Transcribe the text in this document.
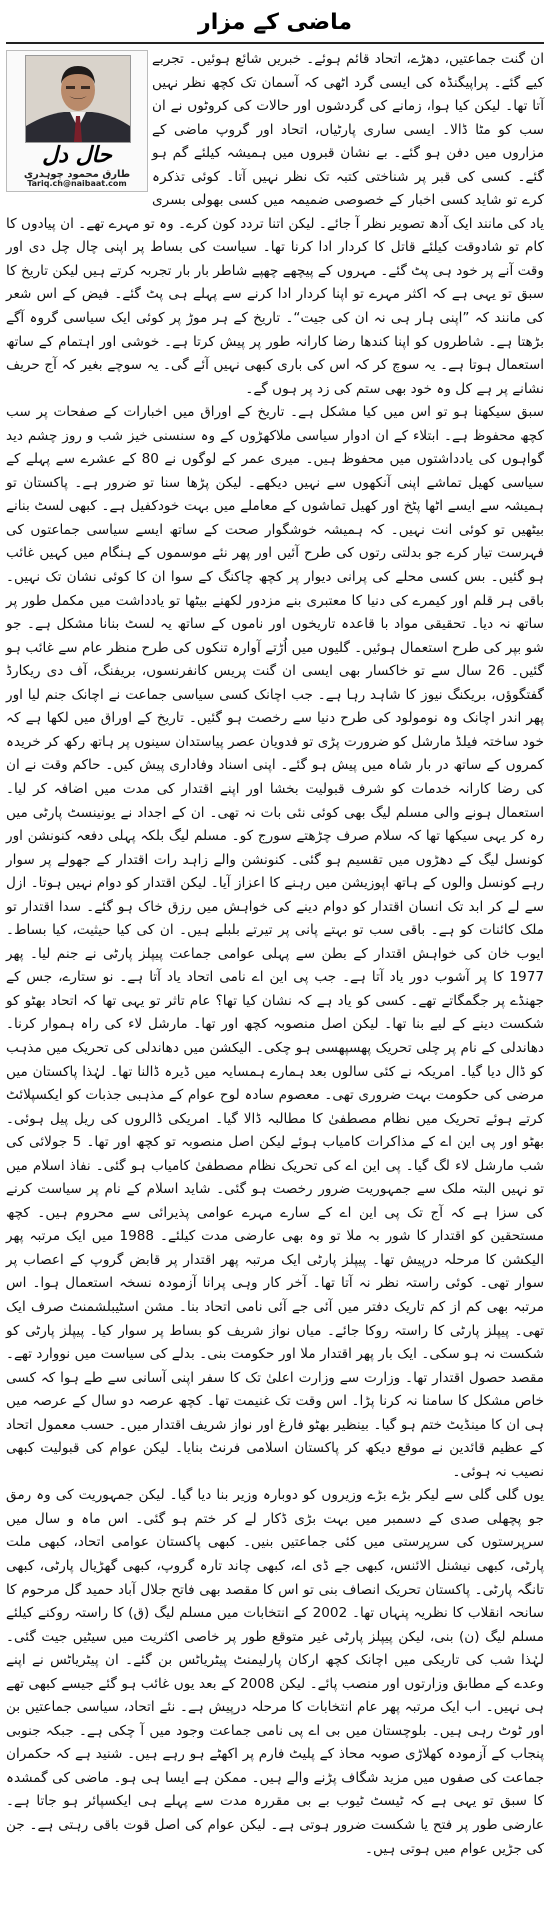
ماضی کے مزار

ان گنت جماعتیں، دھڑے، اتحاد قائم ہوئے۔ خبریں شائع ہوئیں۔ تجربے کیے گئے۔ پراپیگنڈہ کی ایسی گرد اٹھی کہ آسمان تک کچھ نظر نہیں آتا تھا۔ لیکن کیا ہوا، زمانے کی گردشوں اور حالات کی کروٹوں نے ان سب کو مٹا ڈالا۔ ایسی ساری پارٹیاں، اتحاد اور گروپ ماضی کے مزاروں میں دفن ہو گئے۔ بے نشان قبروں میں ہمیشہ کیلئے گم ہو گئے۔ کسی کی قبر پر شناختی کتبہ تک نظر نہیں آتا۔ کوئی تذکرہ کرے تو شاید کسی اخبار کے خصوصی ضمیمہ میں کسی بھولی بسری یاد کی مانند ایک آدھ تصویر نظر آ جائے۔ لیکن اتنا تردد کون کرے۔ وہ تو مہرے تھے۔ ان پیادوں کا کام تو شادوقت کیلئے قاتل کا کردار ادا کرنا تھا۔ سیاست کی بساط پر اپنی چال چل دی اور وقت آنے پر خود ہی پٹ گئے۔ مہروں کے پیچھے چھپے شاطر بار بار تجربہ کرتے ہیں لیکن تاریخ کا سبق تو یہی ہے کہ اکثر مہرے تو اپنا کردار ادا کرنے سے پہلے ہی پٹ گئے۔ فیض کے اس شعر کی مانند کہ ”اپنی ہار ہی نہ ان کی جیت“۔ تاریخ کے ہر موڑ پر کوئی ایک سیاسی گروہ آگے بڑھتا ہے۔ شاطروں کو اپنا کندھا رضا کارانہ طور پر پیش کرتا ہے۔ خوشی اور اہتمام کے ساتھ استعمال ہوتا ہے۔ یہ سوچ کر کہ اس کی باری کبھی نہیں آئے گی۔ یہ سوچے بغیر کہ آج حریف نشانے پر ہے کل وہ خود بھی ستم کی زد پر ہوں گے۔

سبق سیکھنا ہو تو اس میں کیا مشکل ہے۔ تاریخ کے اوراق میں اخبارات کے صفحات پر سب کچھ محفوظ ہے۔ ابتلاء کے ان ادوار سیاسی ملاکھڑوں کے وہ سنسنی خیز شب و روز چشم دید گواہوں کی یادداشتوں میں محفوظ ہیں۔ میری عمر کے لوگوں نے 80 کے عشرے سے پہلے کے سیاسی کھیل تماشے اپنی آنکھوں سے نہیں دیکھے۔ لیکن پڑھا سنا تو ضرور ہے۔ پاکستان تو ہمیشہ سے ایسے اٹھا پٹخ اور کھیل تماشوں کے معاملے میں بہت خودکفیل ہے۔ کبھی لسٹ بنانے بیٹھیں تو کوئی انت نہیں۔ کہ ہمیشہ خوشگوار صحت کے ساتھ ایسے سیاسی جماعتوں کی فہرست تیار کرے جو بدلتی رتوں کی طرح آئیں اور پھر نئے موسموں کے ہنگام میں کہیں غائب ہو گئیں۔ بس کسی محلے کی پرانی دیوار پر کچھ چاکنگ کے سوا ان کا کوئی نشان تک نہیں۔ باقی ہر قلم اور کیمرے کی دنیا کا معتبری بنے مزدور لکھنے بیٹھا تو یادداشت میں مکمل طور پر ساتھ نہ دیا۔ تحقیقی مواد با قاعدہ تاریخوں اور ناموں کے ساتھ یہ لسٹ بنانا مشکل ہے۔ جو شو بپر کی طرح استعمال ہوئیں۔ گلیوں میں اُڑتے آوارہ تنکوں کی طرح منظر عام سے غائب ہو گئیں۔ 26 سال سے تو خاکسار بھی ایسی ان گنت پریس کانفرنسوں، بریفنگ، آف دی ریکارڈ گفتگوؤں، بریکنگ نیوز کا شاہد رہا ہے۔ جب اچانک کسی سیاسی جماعت نے اچانک جنم لیا اور پھر اندر اچانک وہ نومولود کی طرح دنیا سے رخصت ہو گئیں۔ تاریخ کے اوراق میں لکھا ہے کہ خود ساختہ فیلڈ مارشل کو ضرورت پڑی تو فدویان عصر پیاستدان سینوں پر ہاتھ رکھ کر خریدہ کمروں کے ساتھ در بار شاہ میں پیش ہو گئے۔ اپنی اسناد وفاداری پیش کیں۔ حاکم وقت نے ان کی رضا کارانہ خدمات کو شرف قبولیت بخشا اور اپنے اقتدار کی مدت میں اضافہ کر لیا۔ استعمال ہونے والی مسلم لیگ بھی کوئی نئی بات نہ تھی۔ ان کے اجداد نے یونینسٹ پارٹی میں رہ کر یہی سیکھا تھا کہ سلام صرف چڑھتے سورج کو۔ مسلم لیگ بلکہ پہلی دفعہ کنونشن اور کونسل لیگ کے دھڑوں میں تقسیم ہو گئی۔ کنونشن والے زاہد رات اقتدار کے جھولے پر سوار رہے کونسل والوں کے ہاتھ اپوزیشن میں رہنے کا اعزاز آیا۔ لیکن اقتدار کو دوام نہیں ہوتا۔ ازل سے لے کر ابد تک انسان اقتدار کو دوام دینے کی خواہش میں رزق خاک ہو گئے۔ سدا اقتدار تو ملک کائنات کو ہے۔ باقی سب تو بہتے پانی پر تیرتے بلبلے ہیں۔ ان کی کیا حیثیت، کیا بساط۔ ایوب خان کی خواہش اقتدار کے بطن سے پہلی عوامی جماعت پیپلز پارٹی نے جنم لیا۔ پھر 1977 کا پر آشوب دور یاد آتا ہے۔ جب پی این اے نامی اتحاد یاد آتا ہے۔ نو ستارے، جس کے جھنڈے پر جگمگاتے تھے۔ کسی کو یاد ہے کہ نشان کیا تھا؟ عام تاثر تو یہی تھا کہ اتحاد بھٹو کو شکست دینے کے لیے بنا تھا۔ لیکن اصل منصوبہ کچھ اور تھا۔ مارشل لاء کی راہ ہموار کرنا۔ دھاندلی کے نام پر چلی تحریک پھسپھسی ہو چکی۔ الیکشن میں دھاندلی کی تحریک میں مذہب کو ڈال دیا گیا۔ امریکہ نے کئی سالوں بعد ہمارے ہمسایہ میں ڈیرہ ڈالنا تھا۔ لہٰذا پاکستان میں مرضی کی حکومت بہت ضروری تھی۔ معصوم سادہ لوح عوام کے مذہبی جذبات کو ایکسپلائٹ کرتے ہوئے تحریک میں نظام مصطفیٰ کا مطالبہ ڈالا گیا۔ امریکی ڈالروں کی ریل پیل ہوئی۔ بھٹو اور پی این اے کے مذاکرات کامیاب ہوئے لیکن اصل منصوبہ تو کچھ اور تھا۔ 5 جولائی کی شب مارشل لاء لگ گیا۔ پی این اے کی تحریک نظام مصطفیٰ کامیاب ہو گئی۔ نفاذ اسلام میں تو نہیں البتہ ملک سے جمہوریت ضرور رخصت ہو گئی۔ شاید اسلام کے نام پر سیاست کرنے کی سزا ہے کہ آج تک پی این اے کے سارے مہرے عوامی پذیرائی سے محروم ہیں۔ کچھ مستحقین کو اقتدار کا شور بہ ملا تو وہ بھی عارضی مدت کیلئے۔ 1988 میں ایک مرتبہ پھر الیکشن کا مرحلہ درپیش تھا۔ پیپلز پارٹی ایک مرتبہ پھر اقتدار پر قابض گروپ کے اعصاب پر سوار تھی۔ کوئی راستہ نظر نہ آتا تھا۔ آخر کار وہی پرانا آزمودہ نسخہ استعمال ہوا۔ اس مرتبہ بھی کم از کم تاریک دفتر میں آئی جے آئی نامی اتحاد بنا۔ مشن اسٹیبلشمنٹ صرف ایک تھی۔ پیپلز پارٹی کا راستہ روکا جائے۔ میاں نواز شریف کو بساط پر سوار کیا۔ پیپلز پارٹی کو شکست نہ ہو سکی۔ ایک بار پھر اقتدار ملا اور حکومت بنی۔ بدلے کی سیاست میں نووارد تھے۔ مقصد حصول اقتدار تھا۔ وزارت سے وزارت اعلیٰ تک کا سفر اپنی آسانی سے طے ہوا کہ کسی خاص مشکل کا سامنا نہ کرنا پڑا۔ اس وقت تک غنیمت تھا۔ کچھ عرصہ دو سال کے عرصہ میں ہی ان کا مینڈیٹ ختم ہو گیا۔ بینظیر بھٹو فارغ اور نواز شریف اقتدار میں۔ حسب معمول اتحاد کے عظیم قائدین نے موقع دیکھ کر پاکستان اسلامی فرنٹ بنایا۔ لیکن عوام کی قبولیت کبھی نصیب نہ ہوئی۔

یوں گلی گلی سے لیکر بڑے بڑے وزیروں کو دوبارہ وزیر بنا دیا گیا۔ لیکن جمہوریت کی وہ رمق جو پچھلی صدی کے دسمبر میں بہت بڑی ڈکار لے کر ختم ہو گئی۔ اس ماہ و سال میں سرپرستوں کی سرپرستی میں کئی جماعتیں بنیں۔ کبھی پاکستان عوامی اتحاد، کبھی ملت پارٹی، کبھی نیشنل الائنس، کبھی جے ڈی اے، کبھی چاند تارہ گروپ، کبھی گھڑیال پارٹی، کبھی تانگہ پارٹی۔ پاکستان تحریک انصاف بنی تو اس کا مقصد بھی فاتح جلال آباد حمید گل مرحوم کا سانحہ انقلاب کا نظریہ پنہاں تھا۔ 2002 کے انتخابات میں مسلم لیگ (ق) کا راستہ روکنے کیلئے مسلم لیگ (ن) بنی، لیکن پیپلز پارٹی غیر متوقع طور پر خاصی اکثریت میں سیٹیں جیت گئی۔ لہٰذا شب کی تاریکی میں اچانک کچھ ارکان پارلیمنٹ پیٹریاٹس بن گئے۔ ان پیٹریاٹس نے اپنے وعدے کے مطابق وزارتوں اور منصب پائے۔ لیکن 2008 کے بعد یوں غائب ہو گئے جیسے کبھی تھے ہی نہیں۔ اب ایک مرتبہ پھر عام انتخابات کا مرحلہ درپیش ہے۔ نئے اتحاد، سیاسی جماعتیں بن اور ٹوٹ رہی ہیں۔ بلوچستان میں بی اے پی نامی جماعت وجود میں آ چکی ہے۔ جبکہ جنوبی پنجاب کے آزمودہ کھلاڑی صوبہ محاذ کے پلیٹ فارم پر اکھٹے ہو رہے ہیں۔ شنید ہے کہ حکمران جماعت کی صفوں میں مزید شگاف پڑنے والے ہیں۔ ممکن ہے ایسا ہی ہو۔ ماضی کی گمشدہ کا سبق تو یہی ہے کہ ٹیسٹ ٹیوب بے بی مقررہ مدت سے پہلے ہی ایکسپائر ہو جاتا ہے۔ عارضی طور پر فتح یا شکست ضرور ہوتی ہے۔ لیکن عوام کی اصل قوت باقی رہتی ہے۔ جن کی جڑیں عوام میں ہوتی ہیں۔

حال دل
طارق محمود چوہدری
Tariq.ch@naibaat.com
